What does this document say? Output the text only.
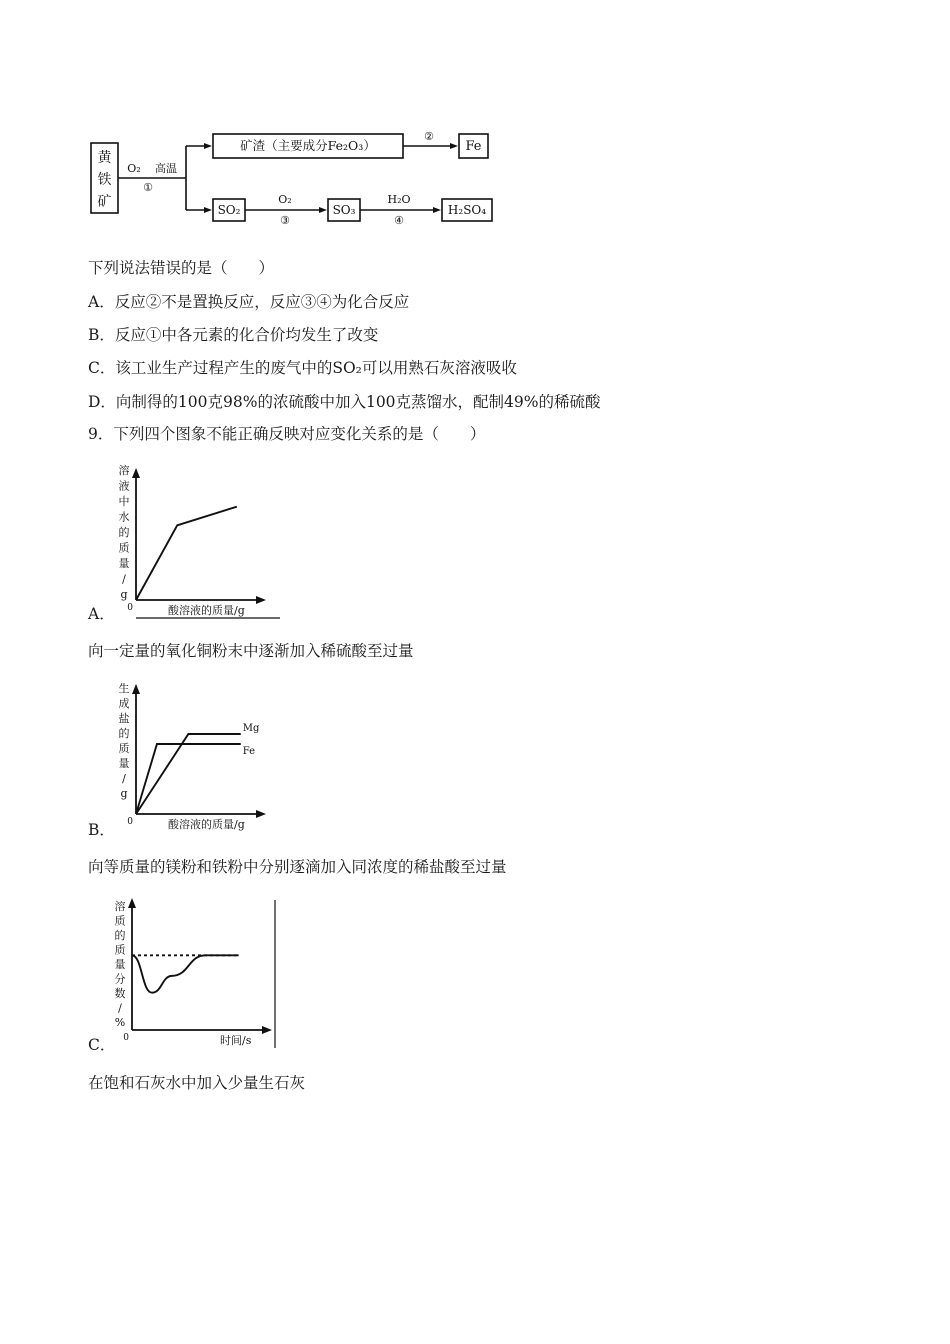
黄
铁
矿
O₂ 高温
①
矿渣（主要成分Fe₂O₃）
②
Fe
SO₂
O₂
③
SO₃
H₂O
④
H₂SO₄
下列说法错误的是（　　）
A．反应②不是置换反应，反应③④为化合反应
B．反应①中各元素的化合价均发生了改变
C．该工业生产过程产生的废气中的SO₂可以用熟石灰溶液吸收
D．向制得的100克98%的浓硫酸中加入100克蒸馏水，配制49%的稀硫酸
9．下列四个图象不能正确反映对应变化关系的是（　　）
A． 0
溶液中水的质量/ g
酸溶液的质量/g
向一定量的氧化铜粉末中逐渐加入稀硫酸至过量
B． 0
生成盐的质量/ g
酸溶液的质量/g
Mg
Fe
向等质量的镁粉和铁粉中分别逐滴加入同浓度的稀盐酸至过量
C． 0
溶质的质量分数/ %
时间/s
在饱和石灰水中加入少量生石灰
